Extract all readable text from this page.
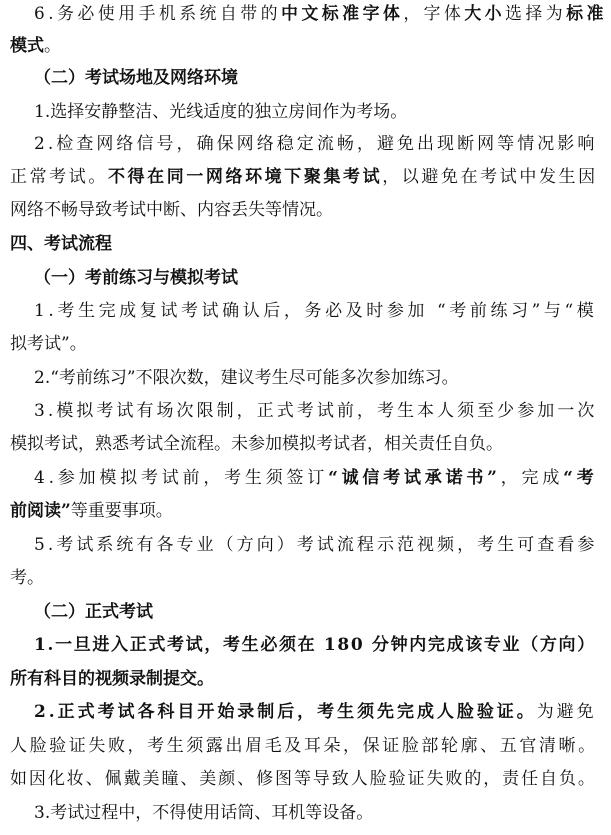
6.务必使用手机系统自带的中文标准字体，字体大小选择为标准
模式。
（二）考试场地及网络环境
1.选择安静整洁、光线适度的独立房间作为考场。
2.检查网络信号，确保网络稳定流畅，避免出现断网等情况影响
正常考试。不得在同一网络环境下聚集考试，以避免在考试中发生因
网络不畅导致考试中断、内容丢失等情况。
四、考试流程
（一）考前练习与模拟考试
1.考生完成复试考试确认后，务必及时参加 “考前练习”与“模
拟考试”。
2.“考前练习”不限次数，建议考生尽可能多次参加练习。
3.模拟考试有场次限制，正式考试前，考生本人须至少参加一次
模拟考试，熟悉考试全流程。未参加模拟考试者，相关责任自负。
4.参加模拟考试前，考生须签订“诚信考试承诺书”，完成“考
前阅读”等重要事项。
5.考试系统有各专业（方向）考试流程示范视频，考生可查看参
考。
（二）正式考试
1.一旦进入正式考试，考生必须在 180 分钟内完成该专业（方向）
所有科目的视频录制提交。
2.正式考试各科目开始录制后，考生须先完成人脸验证。为避免
人脸验证失败，考生须露出眉毛及耳朵，保证脸部轮廓、五官清晰。
如因化妆、佩戴美瞳、美颜、修图等导致人脸验证失败的，责任自负。
3.考试过程中，不得使用话筒、耳机等设备。
